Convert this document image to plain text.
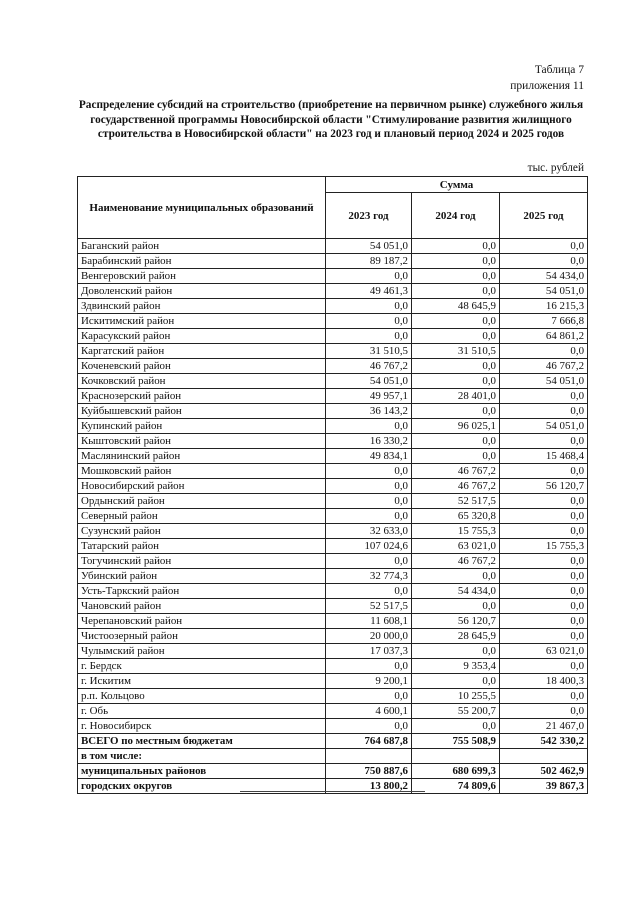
Таблица 7
приложения 11
Распределение субсидий на строительство (приобретение на первичном рынке) служебного жилья государственной программы Новосибирской области "Стимулирование развития жилищного строительства в Новосибирской области" на 2023 год и плановый период 2024 и 2025 годов
тыс. рублей
Наименование муниципальных образований	Сумма		
	2023 год	2024 год	2025 год
Баганский район	54 051,0	0,0	0,0
Барабинский район	89 187,2	0,0	0,0
Венгеровский район	0,0	0,0	54 434,0
Доволенский район	49 461,3	0,0	54 051,0
Здвинский район	0,0	48 645,9	16 215,3
Искитимский район	0,0	0,0	7 666,8
Карасукский район	0,0	0,0	64 861,2
Каргатский район	31 510,5	31 510,5	0,0
Коченевский район	46 767,2	0,0	46 767,2
Кочковский район	54 051,0	0,0	54 051,0
Краснозерский район	49 957,1	28 401,0	0,0
Куйбышевский район	36 143,2	0,0	0,0
Купинский район	0,0	96 025,1	54 051,0
Кыштовский район	16 330,2	0,0	0,0
Маслянинский район	49 834,1	0,0	15 468,4
Мошковский район	0,0	46 767,2	0,0
Новосибирский район	0,0	46 767,2	56 120,7
Ордынский район	0,0	52 517,5	0,0
Северный район	0,0	65 320,8	0,0
Сузунский район	32 633,0	15 755,3	0,0
Татарский район	107 024,6	63 021,0	15 755,3
Тогучинский район	0,0	46 767,2	0,0
Убинский район	32 774,3	0,0	0,0
Усть-Таркский район	0,0	54 434,0	0,0
Чановский район	52 517,5	0,0	0,0
Черепановский район	11 608,1	56 120,7	0,0
Чистоозерный район	20 000,0	28 645,9	0,0
Чулымский район	17 037,3	0,0	63 021,0
г. Бердск	0,0	9 353,4	0,0
г. Искитим	9 200,1	0,0	18 400,3
р.п. Кольцово	0,0	10 255,5	0,0
г. Обь	4 600,1	55 200,7	0,0
г. Новосибирск	0,0	0,0	21 467,0
ВСЕГО по местным бюджетам	764 687,8	755 508,9	542 330,2
в том числе:			
муниципальных районов	750 887,6	680 699,3	502 462,9
городских округов	13 800,2	74 809,6	39 867,3
